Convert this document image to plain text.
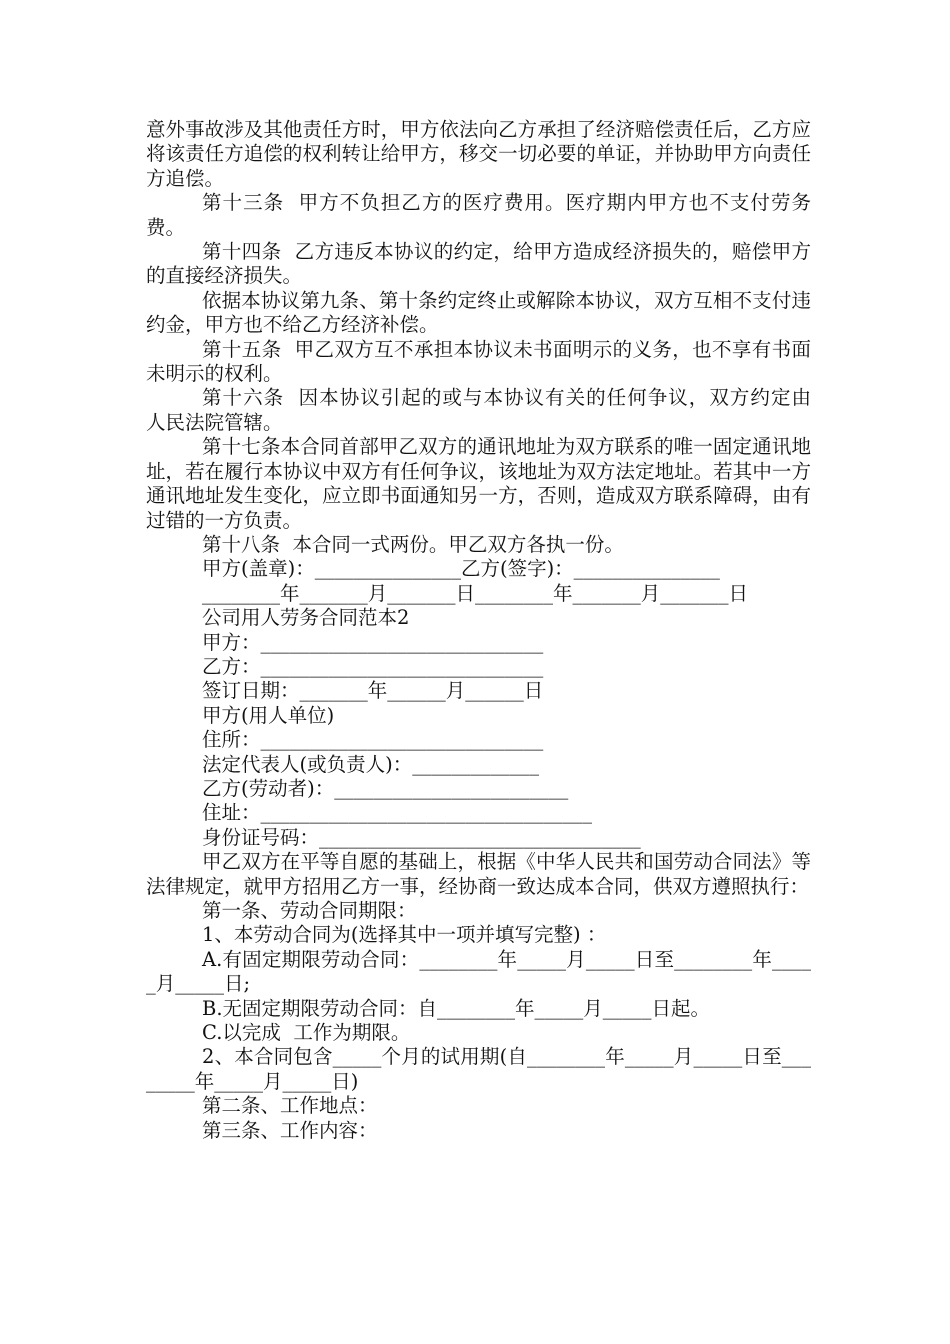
意外事故涉及其他责任方时，甲方依法向乙方承担了经济赔偿责任后，乙方应将该责任方追偿的权利转让给甲方，移交一切必要的单证，并协助甲方向责任方追偿。

第十三条  甲方不负担乙方的医疗费用。医疗期内甲方也不支付劳务费。

第十四条  乙方违反本协议的约定，给甲方造成经济损失的，赔偿甲方的直接经济损失。

依据本协议第九条、第十条约定终止或解除本协议，双方互相不支付违约金，甲方也不给乙方经济补偿。

第十五条  甲乙双方互不承担本协议未书面明示的义务，也不享有书面未明示的权利。

第十六条  因本协议引起的或与本协议有关的任何争议，双方约定由  人民法院管辖。

第十七条本合同首部甲乙双方的通讯地址为双方联系的唯一固定通讯地址，若在履行本协议中双方有任何争议，该地址为双方法定地址。若其中一方通讯地址发生变化，应立即书面通知另一方，否则，造成双方联系障碍，由有过错的一方负责。

第十八条  本合同一式两份。甲乙双方各执一份。

甲方(盖章)：_______________乙方(签字)：_______________

________年_______月_______日________年_______月_______日

公司用人劳务合同范本2

甲方：_____________________________

乙方：_____________________________

签订日期：_______年______月______日

甲方(用人单位)

住所：_____________________________

法定代表人(或负责人)：_____________

乙方(劳动者)：________________________

住址：__________________________________

身份证号码：_________________________________

甲乙双方在平等自愿的基础上，根据《中华人民共和国劳动合同法》等法律规定，就甲方招用乙方一事，经协商一致达成本合同，供双方遵照执行：

第一条、劳动合同期限：

1、本劳动合同为(选择其中一项并填写完整) ：

A.有固定期限劳动合同：________年_____月_____日至________年_____月_____日;

B.无固定期限劳动合同：自________年_____月_____日起。

C.以完成  工作为期限。

2、本合同包含_____个月的试用期(自________年_____月_____日至________年_____月_____日)

第二条、工作地点：

第三条、工作内容：
